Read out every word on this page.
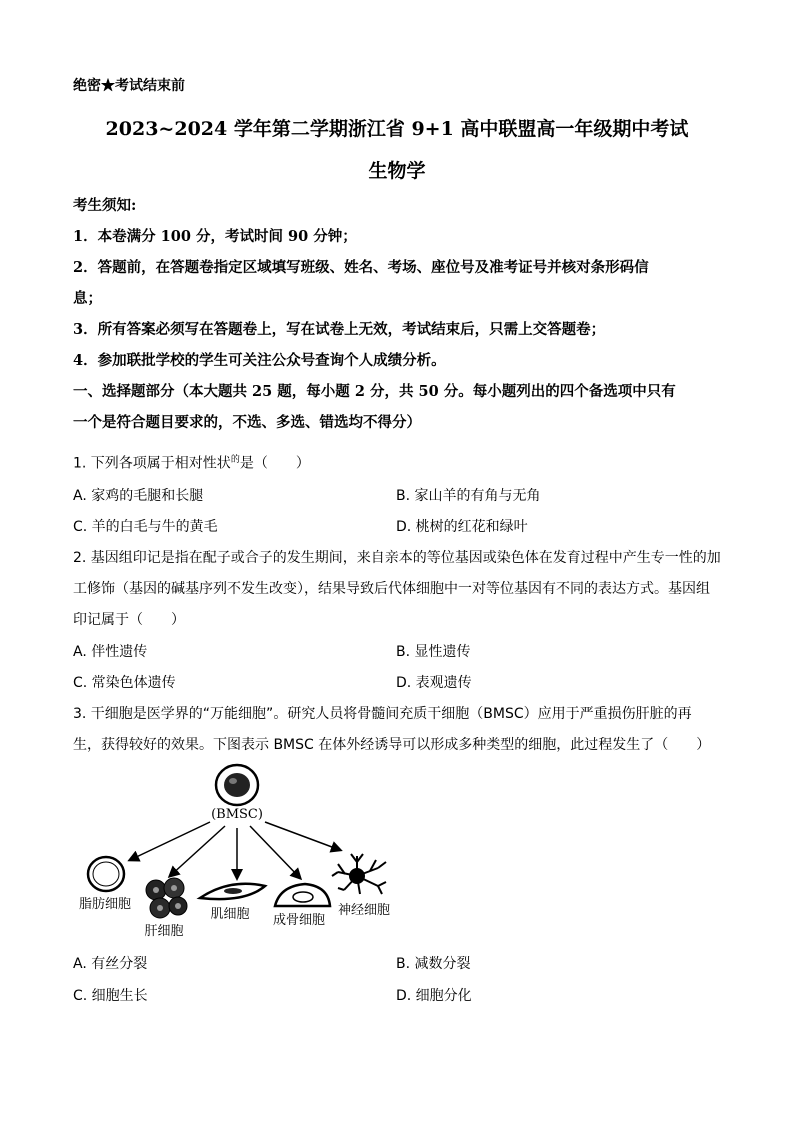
绝密★考试结束前
2023~2024 学年第二学期浙江省 9+1 高中联盟高一年级期中考试
生物学
考生须知:
1．本卷满分 100 分，考试时间 90 分钟；
2．答题前，在答题卷指定区域填写班级、姓名、考场、座位号及准考证号并核对条形码信
息；
3．所有答案必须写在答题卷上，写在试卷上无效，考试结束后，只需上交答题卷；
4．参加联批学校的学生可关注公众号查询个人成绩分析。
一、选择题部分（本大题共 25 题，每小题 2 分，共 50 分。每小题列出的四个备选项中只有
一个是符合题目要求的，不选、多选、错选均不得分）
1. 下列各项属于相对性状$^的$是（　　）
A. 家鸡的毛腿和长腿	B. 家山羊的有角与无角
C. 羊的白毛与牛的黄毛	D. 桃树的红花和绿叶
2. 基因组印记是指在配子或合子的发生期间，来自亲本的等位基因或染色体在发育过程中产生专一性的加
工修饰（基因的碱基序列不发生改变），结果导致后代体细胞中一对等位基因有不同的表达方式。基因组
印记属于（　　）
A. 伴性遗传	B. 显性遗传
C. 常染色体遗传	D. 表观遗传
3. 干细胞是医学界的“万能细胞”。研究人员将骨髓间充质干细胞（BMSC）应用于严重损伤肝脏的再
生，获得较好的效果。下图表示 BMSC 在体外经诱导可以形成多种类型的细胞，此过程发生了（　　）
(BMSC)
脂肪细胞
肝细胞
肌细胞 成骨细胞
神经细胞
A. 有丝分裂	B. 减数分裂
C. 细胞生长	D. 细胞分化
